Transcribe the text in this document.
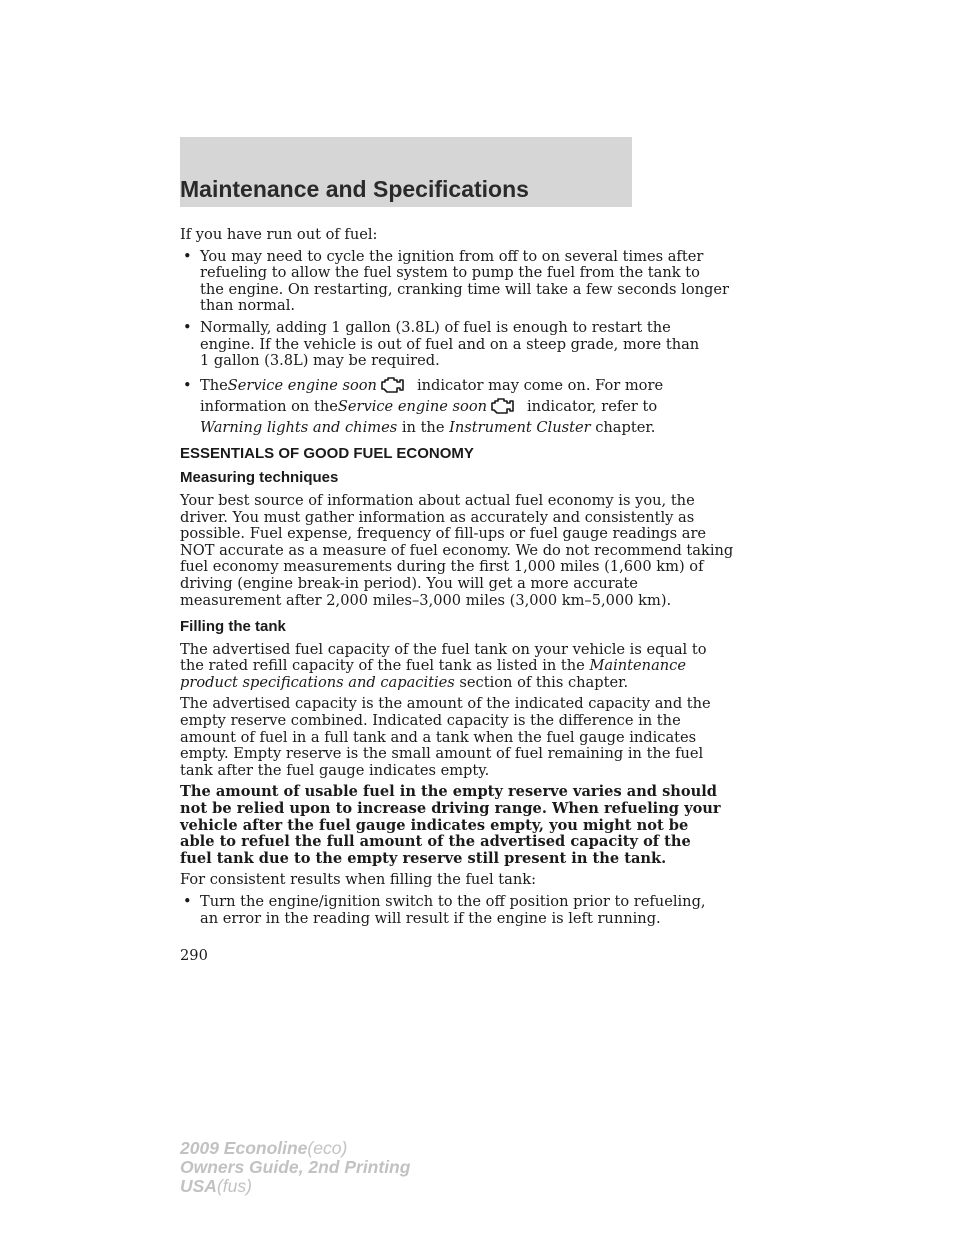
Maintenance and Specifications

If you have run out of fuel:

• You may need to cycle the ignition from off to on several times after
refueling to allow the fuel system to pump the fuel from the tank to
the engine. On restarting, cranking time will take a few seconds longer
than normal.
• Normally, adding 1 gallon (3.8L) of fuel is enough to restart the
engine. If the vehicle is out of fuel and on a steep grade, more than
1 gallon (3.8L) may be required.
• TheService engine soon	indicator may come on. For more
information on theService engine soon	indicator, refer to
Warning lights and chimes in the Instrument Cluster chapter.
ESSENTIALS OF GOOD FUEL ECONOMY
Measuring techniques

Your best source of information about actual fuel economy is you, the
driver. You must gather information as accurately and consistently as
possible. Fuel expense, frequency of fill-ups or fuel gauge readings are
NOT accurate as a measure of fuel economy. We do not recommend taking
fuel economy measurements during the first 1,000 miles (1,600 km) of
driving (engine break-in period). You will get a more accurate
measurement after 2,000 miles–3,000 miles (3,000 km–5,000 km).

Filling the tank

The advertised fuel capacity of the fuel tank on your vehicle is equal to
the rated refill capacity of the fuel tank as listed in the Maintenance
product specifications and capacities section of this chapter.

The advertised capacity is the amount of the indicated capacity and the
empty reserve combined. Indicated capacity is the difference in the
amount of fuel in a full tank and a tank when the fuel gauge indicates
empty. Empty reserve is the small amount of fuel remaining in the fuel
tank after the fuel gauge indicates empty.

The amount of usable fuel in the empty reserve varies and should
not be relied upon to increase driving range. When refueling your
vehicle after the fuel gauge indicates empty, you might not be
able to refuel the full amount of the advertised capacity of the
fuel tank due to the empty reserve still present in the tank.

For consistent results when filling the fuel tank:

• Turn the engine/ignition switch to the off position prior to refueling,
an error in the reading will result if the engine is left running.
290
2009 Econoline(eco)
Owners Guide, 2nd Printing
USA(fus)
